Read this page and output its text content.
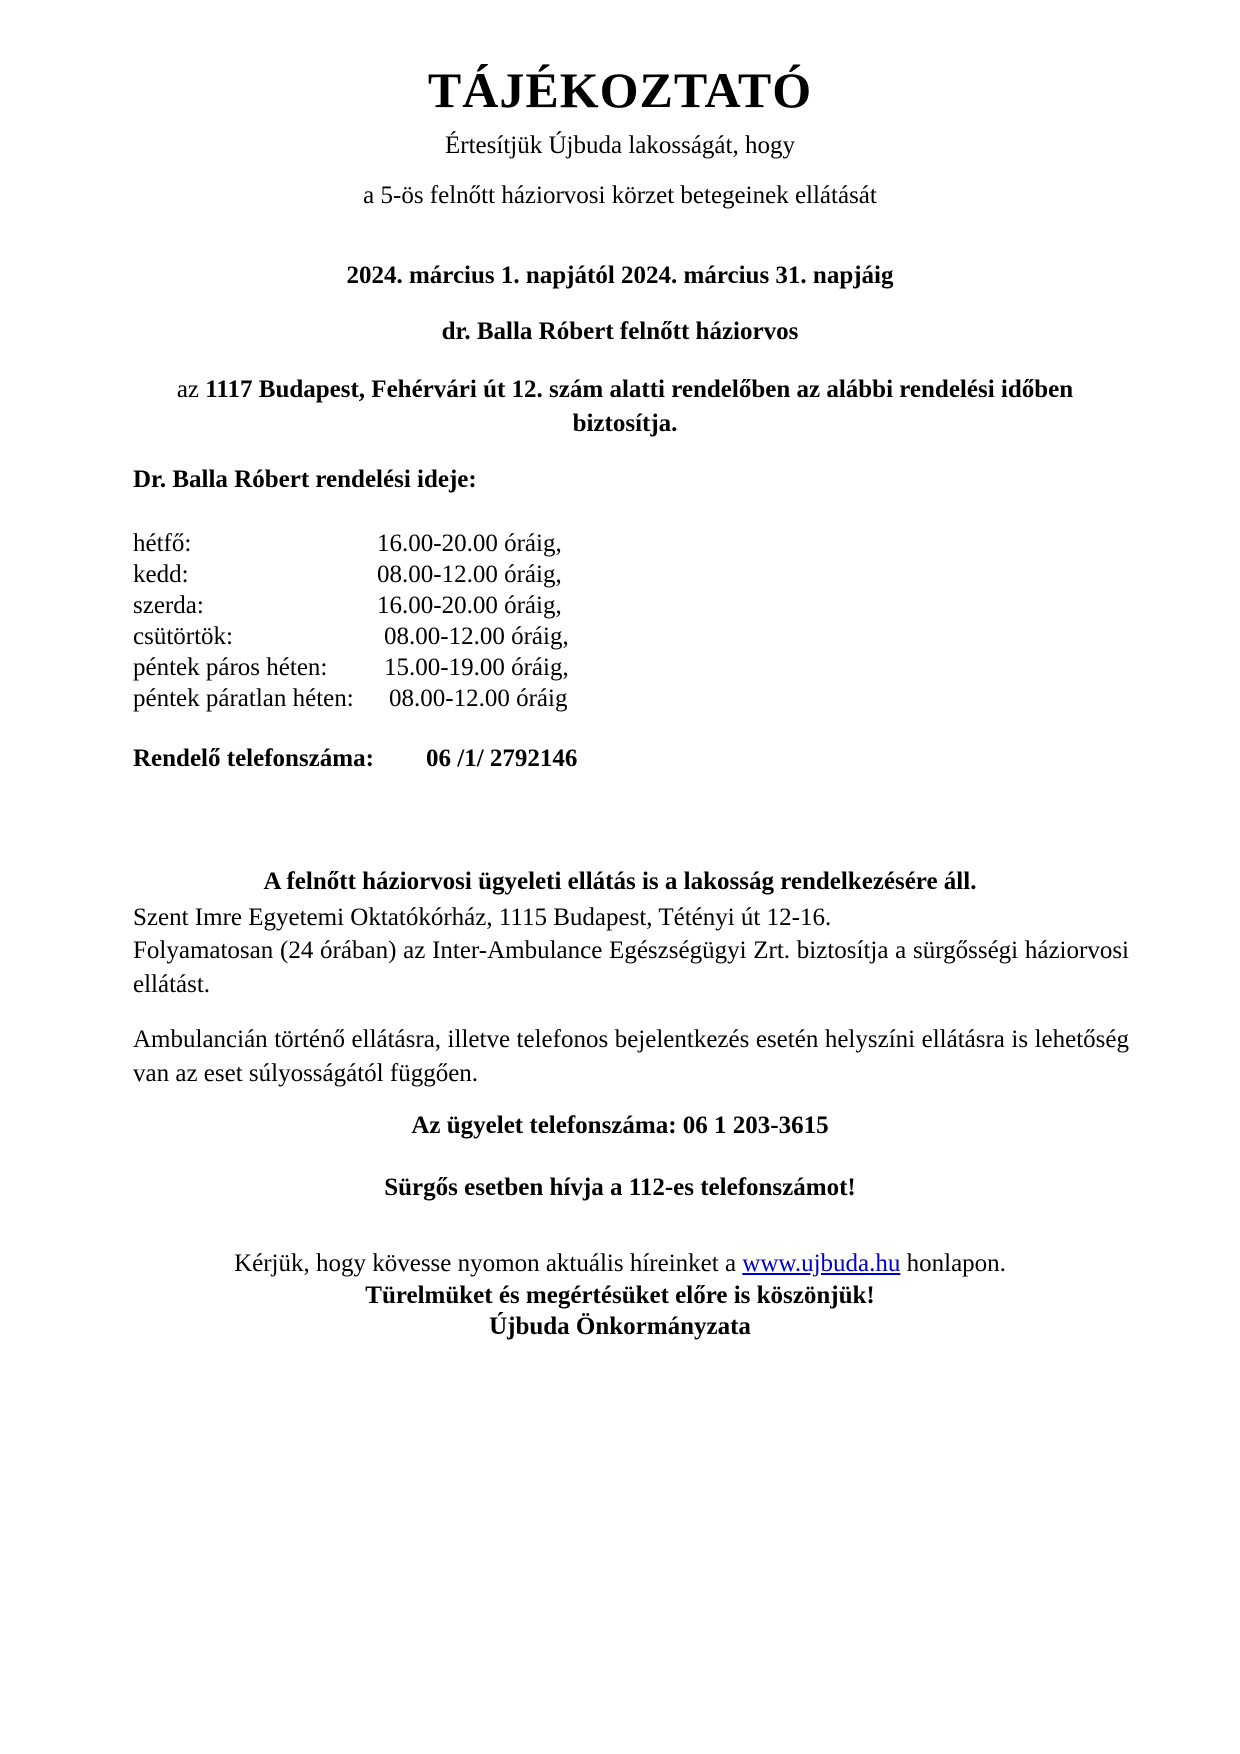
TÁJÉKOZTATÓ
Értesítjük Újbuda lakosságát, hogy
a 5-ös felnőtt háziorvosi körzet betegeinek ellátását
2024. március 1. napjától 2024. március 31. napjáig
dr. Balla Róbert felnőtt háziorvos
az 1117 Budapest, Fehérvári út 12. szám alatti rendelőben az alábbi rendelési időben biztosítja.
Dr. Balla Róbert rendelési ideje:
hétfő:	16.00-20.00 óráig,
kedd:	08.00-12.00 óráig,
szerda:	16.00-20.00 óráig,
csütörtök:	08.00-12.00 óráig,
péntek páros héten: 15.00-19.00 óráig,
péntek páratlan héten: 08.00-12.00 óráig
Rendelő telefonszáma: 06 /1/ 2792146
A felnőtt háziorvosi ügyeleti ellátás is a lakosság rendelkezésére áll.
Szent Imre Egyetemi Oktatókórház, 1115 Budapest, Tétényi út 12-16.
Folyamatosan (24 órában) az Inter-Ambulance Egészségügyi Zrt. biztosítja a sürgősségi háziorvosi ellátást.
Ambulancián történő ellátásra, illetve telefonos bejelentkezés esetén helyszíni ellátásra is lehetőség van az eset súlyosságától függően.
Az ügyelet telefonszáma: 06 1 203-3615
Sürgős esetben hívja a 112-es telefonszámot!
Kérjük, hogy kövesse nyomon aktuális híreinket a www.ujbuda.hu honlapon.
Türelmüket és megértésüket előre is köszönjük!
Újbuda Önkormányzata
